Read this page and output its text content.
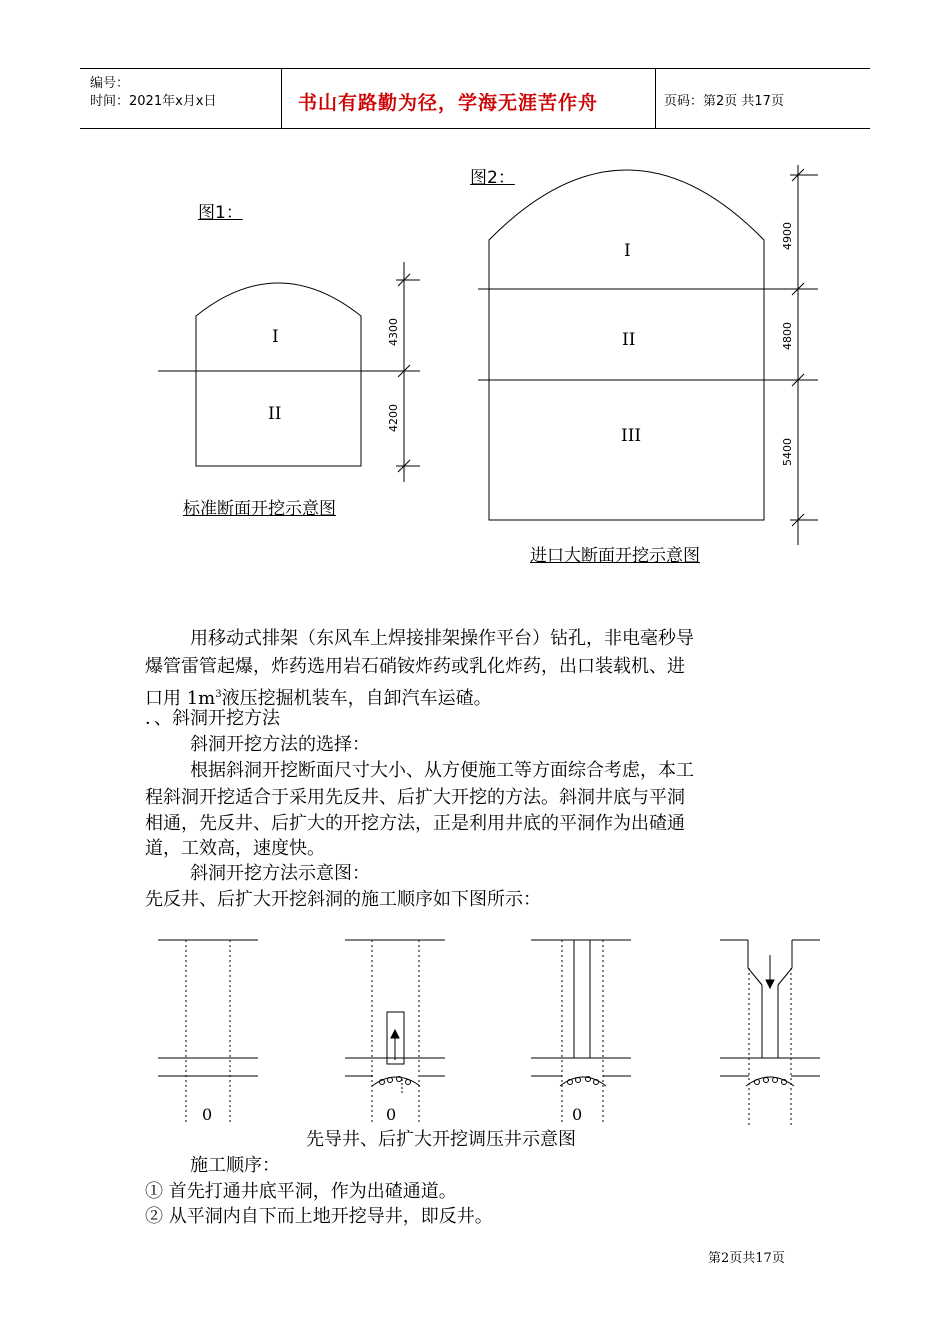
编号：
时间：2021年x月x日	书山有路勤为径，学海无涯苦作舟	页码：第2页 共17页
I
II
4300
4200
I
II
III
4900
4800
5400
图1：
标准断面开挖示意图
图2：
进口大断面开挖示意图
用移动式排架（东风车上焊接排架操作平台）钻孔，非电毫秒导
爆管雷管起爆，炸药选用岩石硝铵炸药或乳化炸药，出口装载机、进
口用 $1m^3$液压挖掘机装车，自卸汽车运碴。
．、斜洞开挖方法
斜洞开挖方法的选择：
根据斜洞开挖断面尺寸大小、从方便施工等方面综合考虑，本工
程斜洞开挖适合于采用先反井、后扩大开挖的方法。斜洞井底与平洞
相通，先反井、后扩大的开挖方法，正是利用井底的平洞作为出碴通
道，工效高，速度快。
斜洞开挖方法示意图：
先反井、后扩大开挖斜洞的施工顺序如下图所示：
0	0	0
先导井、后扩大开挖调压井示意图
施工顺序：
① 首先打通井底平洞，作为出碴通道。
② 从平洞内自下而上地开挖导井，即反井。
第2页共17页
